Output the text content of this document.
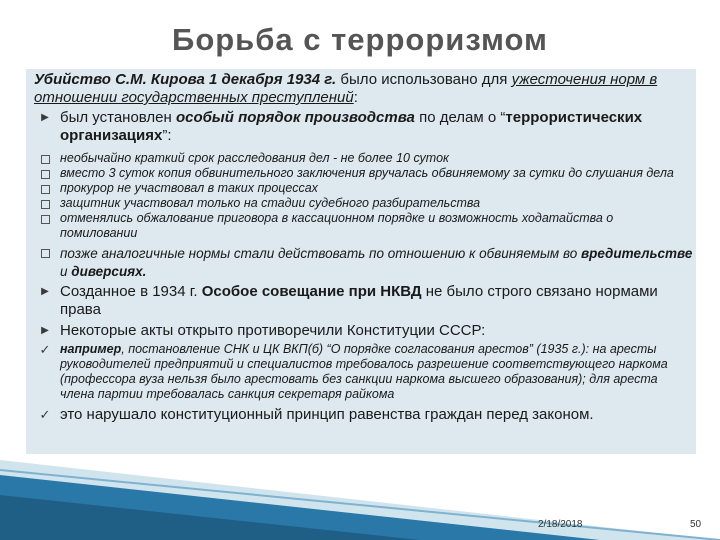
Борьба с терроризмом
Убийство С.М. Кирова 1 декабря 1934 г. было использовано для ужесточения норм в отношении государственных преступлений:
▶ был установлен особый порядок производства по делам о “террористических организациях”:
необычайно краткий срок расследования дел - не более 10 суток
вместо 3 суток копия обвинительного заключения вручалась обвиняемому за сутки до слушания дела
прокурор не участвовал в таких процессах
защитник участвовал только на стадии судебного разбирательства
отменялись обжалование приговора в кассационном порядке и возможность ходатайства о помиловании
позже аналогичные нормы стали действовать по отношению к обвиняемым во вредительстве и диверсиях.
▶ Созданное в 1934 г. Особое совещание при НКВД не было строго связано нормами права
▶ Некоторые акты открыто противоречили Конституции СССР:
✓ например, постановление СНК и ЦК ВКП(б) “О порядке согласования арестов” (1935 г.): на аресты руководителей предприятий и специалистов требовалось разрешение соответствующего наркома (профессора вуза нельзя было арестовать без санкции наркома высшего образования); для ареста члена партии требовалась санкция секретаря райкома
✓ это нарушало конституционный принцип равенства граждан перед законом.
2/18/2018	50
